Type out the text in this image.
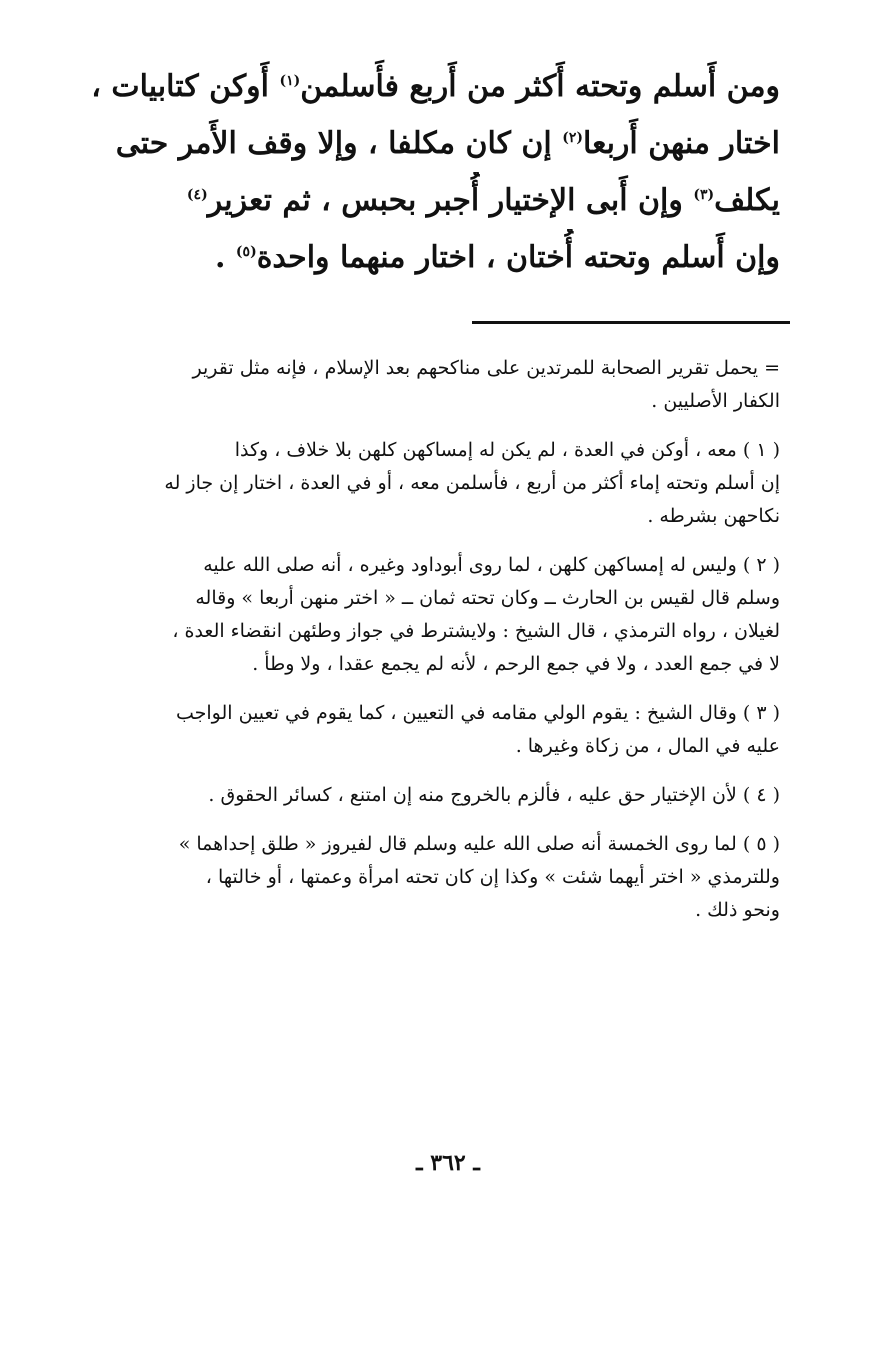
ومن أَسلم وتحته أَكثر من أَربع فأَسلمن$^{(١)}$ أَوكن كتابيات ،
اختار منهن أَربعا$^{(٢)}$ إن كان مكلفا ، وإلا وقف الأَمر حتى
يكلف$^{(٣)}$ وإن أَبى الإختيار أُجبر بحبس ، ثم تعزير$^{(٤)}$
وإن أَسلم وتحته أُختان ، اختار منهما واحدة$^{(٥)}$ .
= يحمل تقرير الصحابة للمرتدين على مناكحهم بعد الإسلام ، فإنه مثل تقرير
الكفار الأصليين .
( ١ ) معه ، أوكن في العدة ، لم يكن له إمساكهن كلهن بلا خلاف ، وكذا
إن أسلم وتحته إماء أكثر من أربع ، فأسلمن معه ، أو في العدة ، اختار إن جاز له
نكاحهن بشرطه .
( ٢ ) وليس له إمساكهن كلهن ، لما روى أبوداود وغيره ، أنه صلى الله عليه
وسلم قال لقيس بن الحارث ــ وكان تحته ثمان ــ « اختر منهن أربعا » وقاله
لغيلان ، رواه الترمذي ، قال الشيخ : ولايشترط في جواز وطئهن انقضاء العدة ،
لا في جمع العدد ، ولا في جمع الرحم ، لأنه لم يجمع عقدا ، ولا وطأ .
( ٣ ) وقال الشيخ : يقوم الولي مقامه في التعيين ، كما يقوم في تعيين الواجب
عليه في المال ، من زكاة وغيرها .
( ٤ ) لأن الإختيار حق عليه ، فألزم بالخروج منه إن امتنع ، كسائر الحقوق .
( ٥ ) لما روى الخمسة أنه صلى الله عليه وسلم قال لفيروز « طلق إحداهما »
وللترمذي « اختر أيهما شئت » وكذا إن كان تحته امرأة وعمتها ، أو خالتها ،
ونحو ذلك .
ـ ٣٦٢ ـ
